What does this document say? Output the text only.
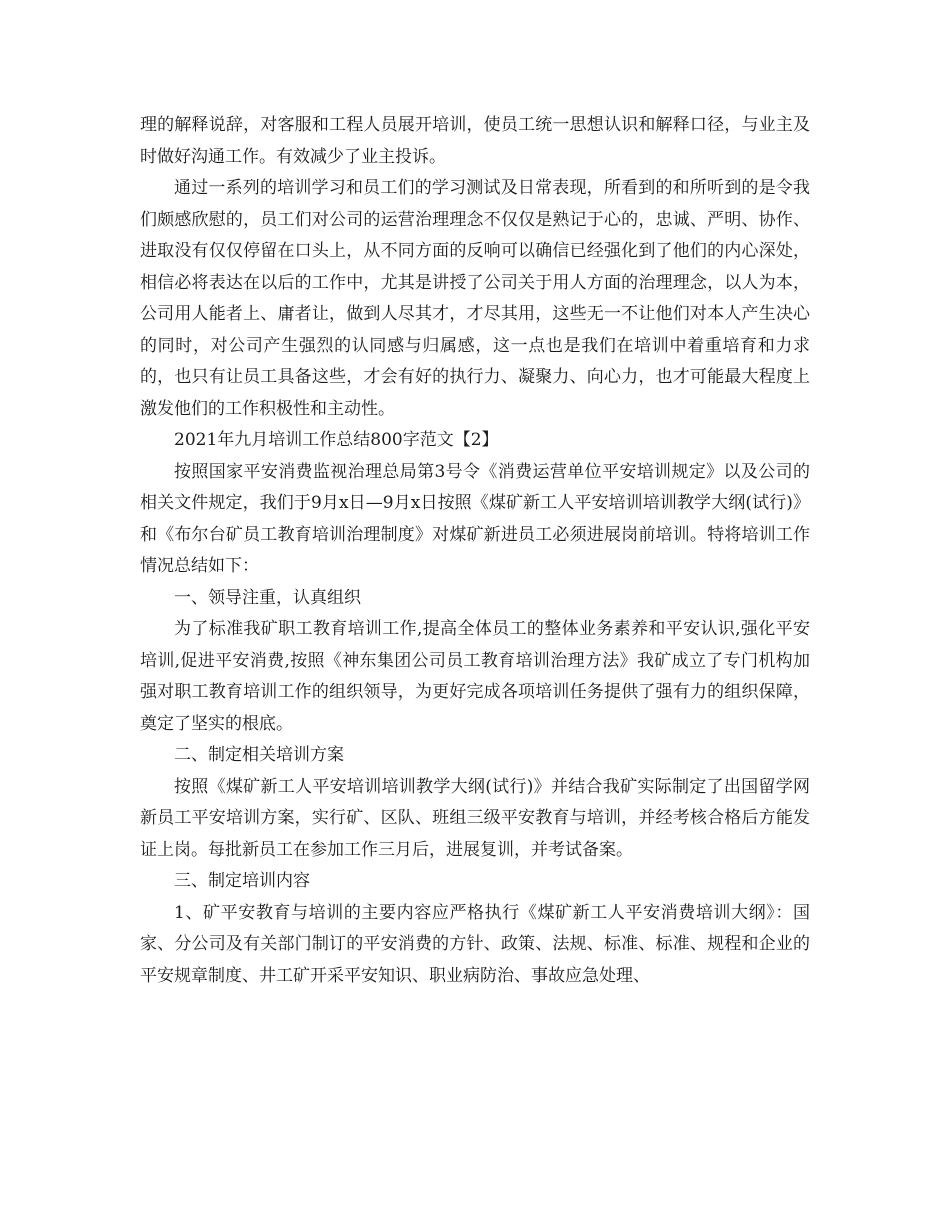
理的解释说辞，对客服和工程人员展开培训，使员工统一思想认识和解释口径，与业主及时做好沟通工作。有效减少了业主投诉。

通过一系列的培训学习和员工们的学习测试及日常表现，所看到的和所听到的是令我们颇感欣慰的，员工们对公司的运营治理理念不仅仅是熟记于心的，忠诚、严明、协作、进取没有仅仅停留在口头上，从不同方面的反响可以确信已经强化到了他们的内心深处，相信必将表达在以后的工作中，尤其是讲授了公司关于用人方面的治理理念，以人为本，公司用人能者上、庸者让，做到人尽其才，才尽其用，这些无一不让他们对本人产生决心的同时，对公司产生强烈的认同感与归属感，这一点也是我们在培训中着重培育和力求的，也只有让员工具备这些，才会有好的执行力、凝聚力、向心力，也才可能最大程度上激发他们的工作积极性和主动性。

2021年九月培训工作总结800字范文【2】

按照国家平安消费监视治理总局第3号令《消费运营单位平安培训规定》以及公司的相关文件规定，我们于9月x日—9月x日按照《煤矿新工人平安培训培训教学大纲(试行)》和《布尔台矿员工教育培训治理制度》对煤矿新进员工必须进展岗前培训。特将培训工作情况总结如下：

一、领导注重，认真组织

为了标准我矿职工教育培训工作,提高全体员工的整体业务素养和平安认识,强化平安培训,促进平安消费,按照《神东集团公司员工教育培训治理方法》我矿成立了专门机构加强对职工教育培训工作的组织领导，为更好完成各项培训任务提供了强有力的组织保障，奠定了坚实的根底。

二、制定相关培训方案

按照《煤矿新工人平安培训培训教学大纲(试行)》并结合我矿实际制定了出国留学网新员工平安培训方案，实行矿、区队、班组三级平安教育与培训，并经考核合格后方能发证上岗。每批新员工在参加工作三月后，进展复训，并考试备案。

三、制定培训内容

1、矿平安教育与培训的主要内容应严格执行《煤矿新工人平安消费培训大纲》：国家、分公司及有关部门制订的平安消费的方针、政策、法规、标准、标准、规程和企业的平安规章制度、井工矿开采平安知识、职业病防治、事故应急处理、
